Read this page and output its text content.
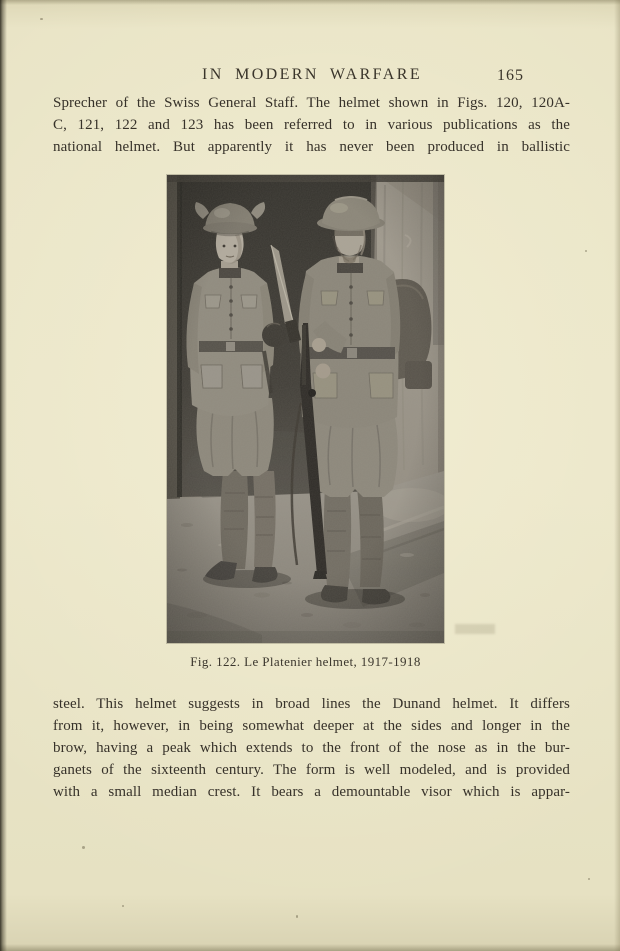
IN MODERN WARFARE	165
Sprecher of the Swiss General Staff. The helmet shown in Figs. 120, 120A-
C, 121, 122 and 123 has been referred to in various publications as the
national helmet. But apparently it has never been produced in ballistic
Fig. 122. Le Platenier helmet, 1917-1918
steel. This helmet suggests in broad lines the Dunand helmet. It differs
from it, however, in being somewhat deeper at the sides and longer in the
brow, having a peak which extends to the front of the nose as in the bur-
ganets of the sixteenth century. The form is well modeled, and is provided
with a small median crest. It bears a demountable visor which is appar-
